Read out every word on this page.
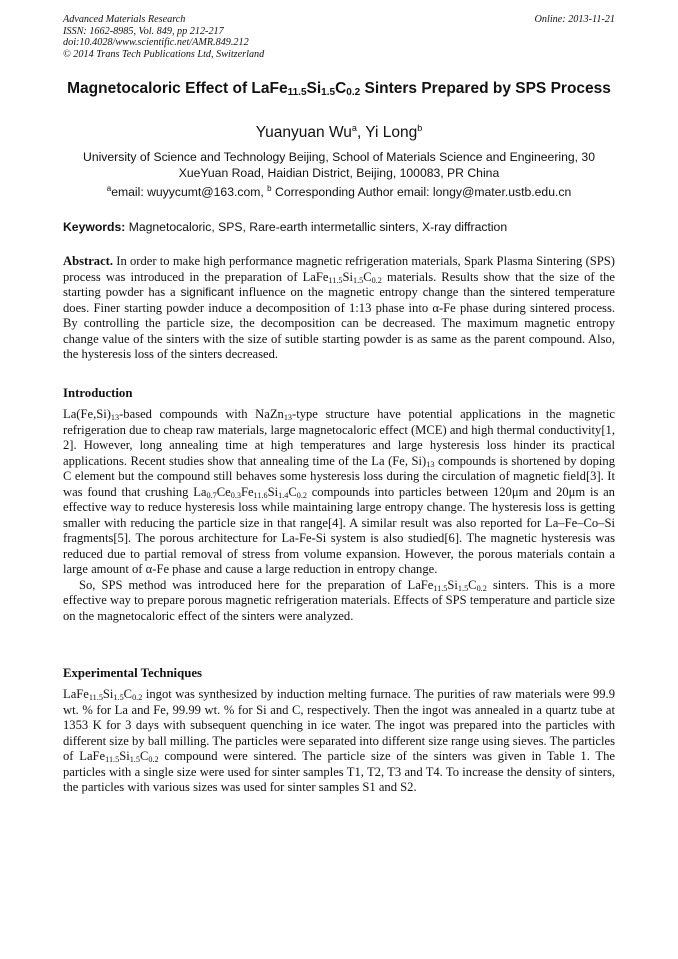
Advanced Materials Research
ISSN: 1662-8985, Vol. 849, pp 212-217
doi:10.4028/www.scientific.net/AMR.849.212
© 2014 Trans Tech Publications Ltd, Switzerland
Online: 2013-11-21
Magnetocaloric Effect of $LaFe_{11.5}Si_{1.5}C_{0.2}$ Sinters Prepared by SPS Process
Yuanyuan Wu$^a$, Yi Long$^b$
University of Science and Technology Beijing, School of Materials Science and Engineering, 30 XueYuan Road, Haidian District, Beijing, 100083, PR China
$^a$email: wuyycumt@163.com, $^b$ Corresponding Author email: longy@mater.ustb.edu.cn
Keywords: Magnetocaloric, SPS, Rare-earth intermetallic sinters, X-ray diffraction
Abstract. In order to make high performance magnetic refrigeration materials, Spark Plasma Sintering (SPS) process was introduced in the preparation of $LaFe_{11.5}Si_{1.5}C_{0.2}$ materials. Results show that the size of the starting powder has a significant influence on the magnetic entropy change than the sintered temperature does. Finer starting powder induce a decomposition of 1:13 phase into α-Fe phase during sintered process. By controlling the particle size, the decomposition can be decreased. The maximum magnetic entropy change value of the sinters with the size of sutible starting powder is as same as the parent compound. Also, the hysteresis loss of the sinters decreased.
Introduction

$La(Fe,Si)_{13}$-based compounds with NaZn$_{13}$-type structure have potential applications in the magnetic refrigeration due to cheap raw materials, large magnetocaloric effect (MCE) and high thermal conductivity[1, 2]. However, long annealing time at high temperatures and large hysteresis loss hinder its practical applications. Recent studies show that annealing time of the La (Fe, $Si)_{13}$ compounds is shortened by doping C element but the compound still behaves some hysteresis loss during the circulation of magnetic field[3]. It was found that crushing $La_{0.7}Ce_{0.3}Fe_{11.6}Si_{1.4}C_{0.2}$ compounds into particles between 120μm and 20μm is an effective way to reduce hysteresis loss while maintaining large entropy change. The hysteresis loss is getting smaller with reducing the particle size in that range[4]. A similar result was also reported for La–Fe–Co–Si fragments[5]. The porous architecture for La-Fe-Si system is also studied[6]. The magnetic hysteresis was reduced due to partial removal of stress from volume expansion. However, the porous materials contain a large amount of α-Fe phase and cause a large reduction in entropy change.

So, SPS method was introduced here for the preparation of $LaFe_{11.5}Si_{1.5}C_{0.2}$ sinters. This is a more effective way to prepare porous magnetic refrigeration materials. Effects of SPS temperature and particle size on the magnetocaloric effect of the sinters were analyzed.

Experimental Techniques

$LaFe_{11.5}Si_{1.5}C_{0.2}$ ingot was synthesized by induction melting furnace. The purities of raw materials were 99.9 wt. % for La and Fe, 99.99 wt. % for Si and C, respectively. Then the ingot was annealed in a quartz tube at 1353 K for 3 days with subsequent quenching in ice water. The ingot was prepared into the particles with different size by ball milling. The particles were separated into different size range using sieves. The particles of $LaFe_{11.5}Si_{1.5}C_{0.2}$ compound were sintered. The particle size of the sinters was given in Table 1. The particles with a single size were used for sinter samples T1, T2, T3 and T4. To increase the density of sinters, the particles with various sizes was used for sinter samples S1 and S2.
